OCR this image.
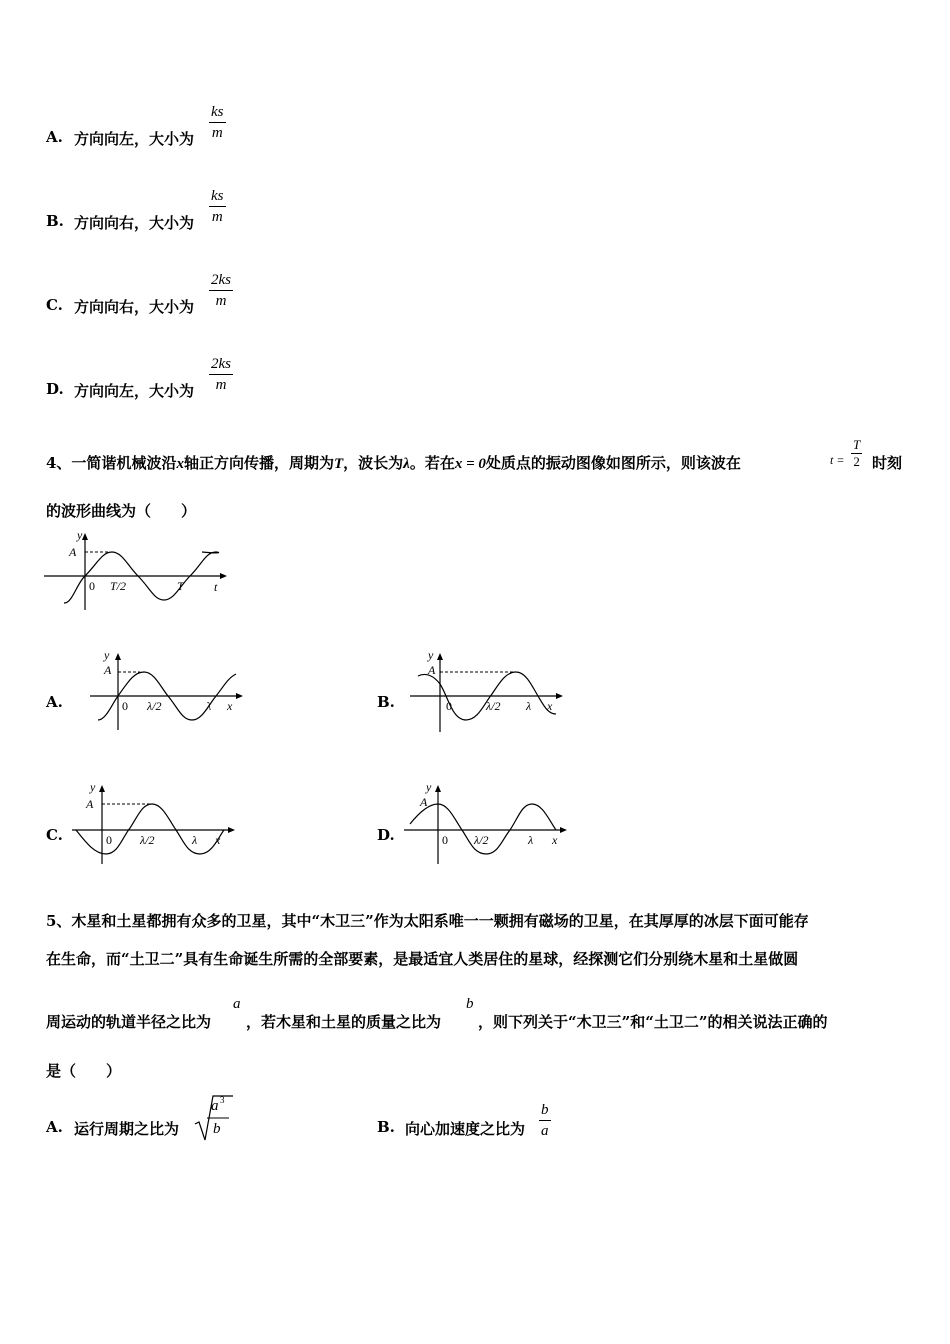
A. 方向向左，大小为 $\frac{ks}{m}$
B. 方向向右，大小为 $\frac{ks}{m}$
C. 方向向右，大小为 $\frac{2ks}{m}$
D. 方向向左，大小为 $\frac{2ks}{m}$
4、一简谐机械波沿x轴正方向传播，周期为T，波长为λ。若在x = 0处质点的振动图像如图所示，则该波在	$t = \frac{T}{2}$ 时刻
的波形曲线为（　　）
y
A
0 T/2	T	t
A.
y
A
0 λ/2	λ x	B.
y
A
0	λ/2 λ x
C.
y
A
0 λ/2	λ x	D.
y
A
0 λ/2	λ x
5、木星和土星都拥有众多的卫星，其中“木卫三”作为太阳系唯一一颗拥有磁场的卫星，在其厚厚的冰层下面可能存
在生命，而“土卫二”具有生命诞生所需的全部要素，是最适宜人类居住的星球，经探测它们分别绕木星和土星做圆
周运动的轨道半径之比为
a
，若木星和土星的质量之比为
b
，则下列关于“木卫三”和“土卫二”的相关说法正确的
是（　　）
A. 运行周期之比为
a 3
b	B. 向心加速度之比为 $\frac{b}{a}$
